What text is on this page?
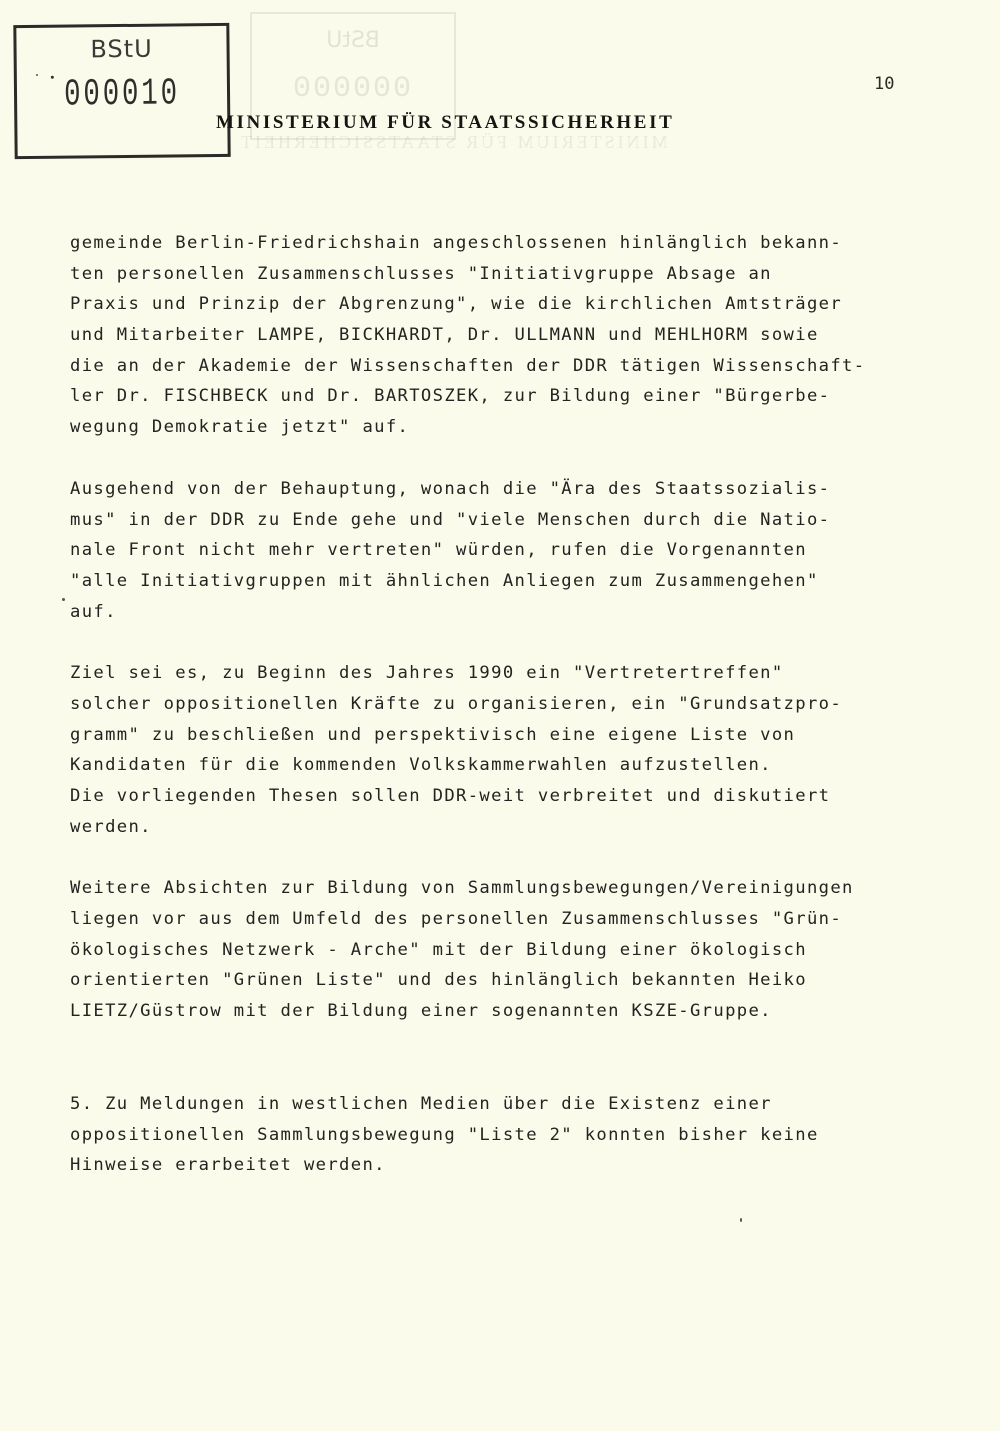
BStU
000000
MINISTERIUM FÜR STAATSSICHERHEIT
BStU
000010	10
MINISTERIUM FÜR STAATSSICHERHEIT
gemeinde Berlin-Friedrichshain angeschlossenen hinlänglich bekann-
ten personellen Zusammenschlusses "Initiativgruppe Absage an
Praxis und Prinzip der Abgrenzung", wie die kirchlichen Amtsträger
und Mitarbeiter LAMPE, BICKHARDT, Dr. ULLMANN und MEHLHORM sowie
die an der Akademie der Wissenschaften der DDR tätigen Wissenschaft-
ler Dr. FISCHBECK und Dr. BARTOSZEK, zur Bildung einer "Bürgerbe-
wegung Demokratie jetzt" auf.
Ausgehend von der Behauptung, wonach die "Ära des Staatssozialis-
mus" in der DDR zu Ende gehe und "viele Menschen durch die Natio-
nale Front nicht mehr vertreten" würden, rufen die Vorgenannten
"alle Initiativgruppen mit ähnlichen Anliegen zum Zusammengehen"
auf.
Ziel sei es, zu Beginn des Jahres 1990 ein "Vertretertreffen"
solcher oppositionellen Kräfte zu organisieren, ein "Grundsatzpro-
gramm" zu beschließen und perspektivisch eine eigene Liste von
Kandidaten für die kommenden Volkskammerwahlen aufzustellen.
Die vorliegenden Thesen sollen DDR-weit verbreitet und diskutiert
werden.
Weitere Absichten zur Bildung von Sammlungsbewegungen/Vereinigungen
liegen vor aus dem Umfeld des personellen Zusammenschlusses "Grün-
ökologisches Netzwerk - Arche" mit der Bildung einer ökologisch
orientierten "Grünen Liste" und des hinlänglich bekannten Heiko
LIETZ/Güstrow mit der Bildung einer sogenannten KSZE-Gruppe.
5. Zu Meldungen in westlichen Medien über die Existenz einer
oppositionellen Sammlungsbewegung "Liste 2" konnten bisher keine
Hinweise erarbeitet werden.
